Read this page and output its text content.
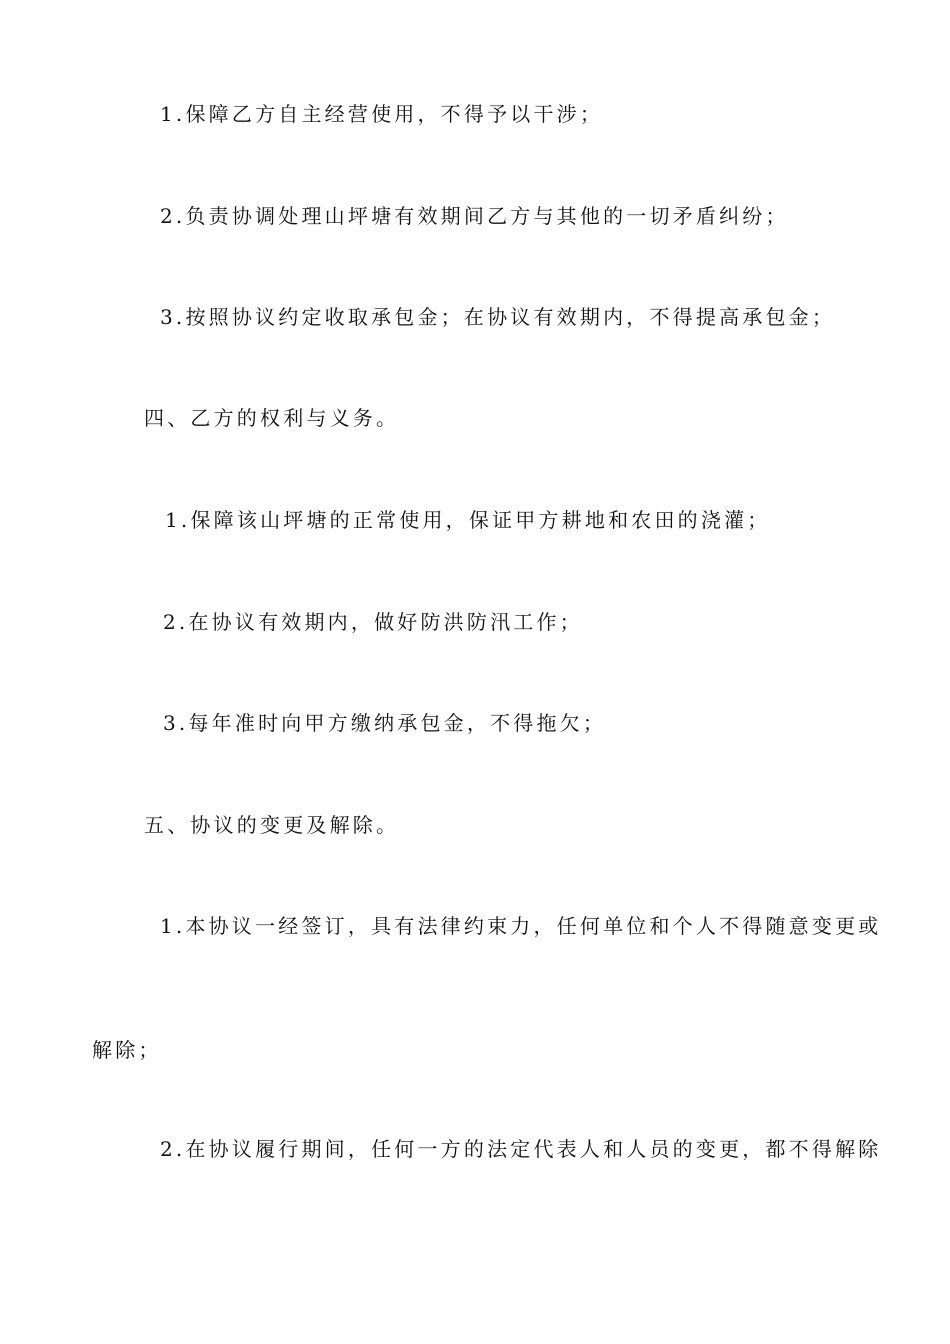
1.保障乙方自主经营使用，不得予以干涉；
2.负责协调处理山坪塘有效期间乙方与其他的一切矛盾纠纷；
3.按照协议约定收取承包金；在协议有效期内，不得提高承包金；
四、乙方的权利与义务。
1.保障该山坪塘的正常使用，保证甲方耕地和农田的浇灌；
2.在协议有效期内，做好防洪防汛工作；
3.每年准时向甲方缴纳承包金，不得拖欠；
五、协议的变更及解除。
1.本协议一经签订，具有法律约束力，任何单位和个人不得随意变更或
解除；
2.在协议履行期间，任何一方的法定代表人和人员的变更，都不得解除
